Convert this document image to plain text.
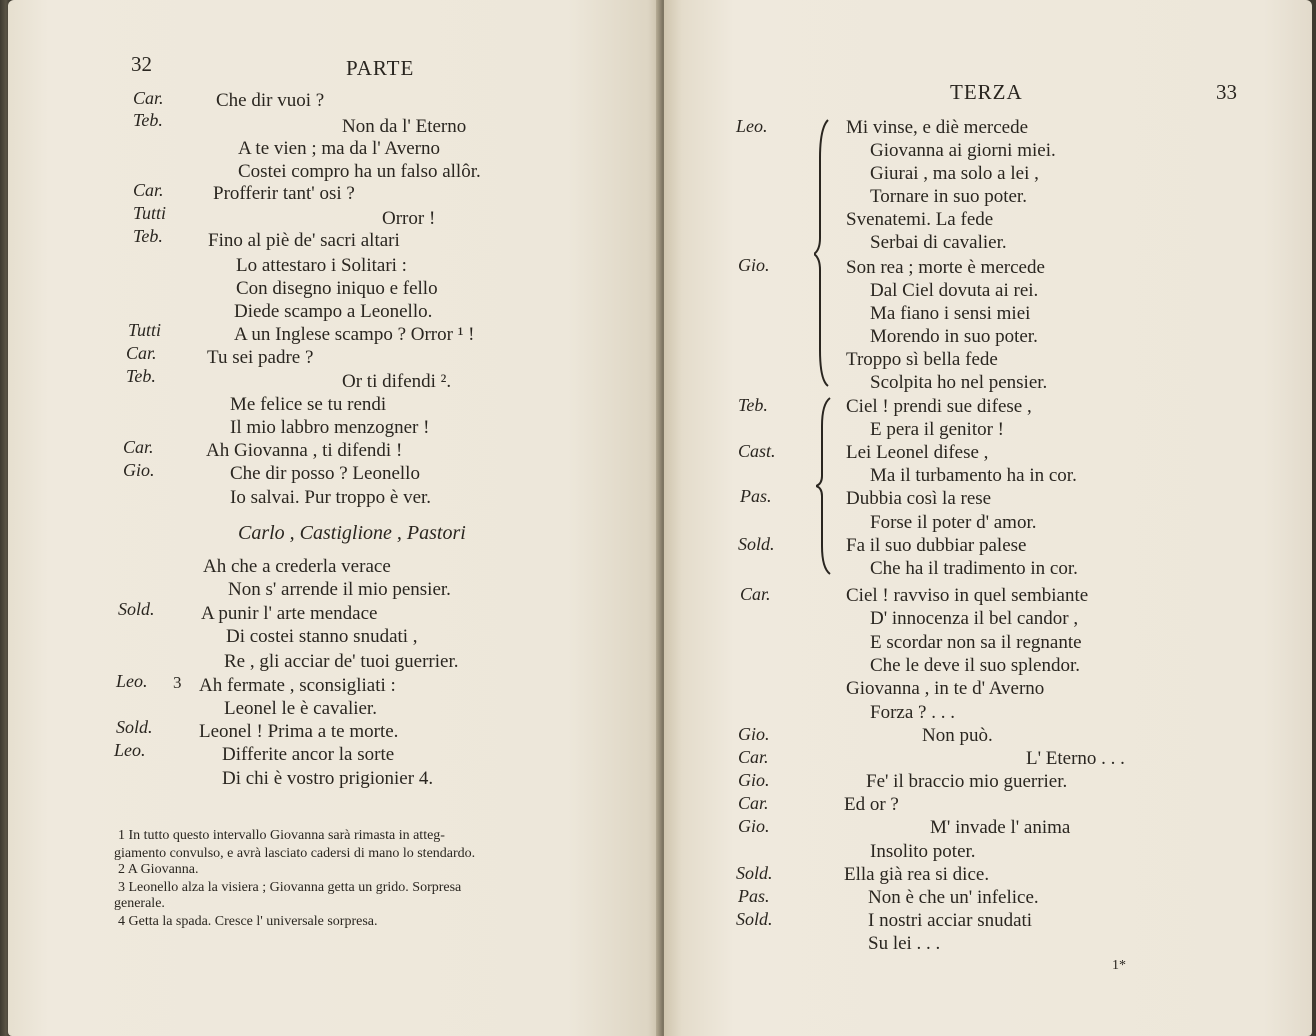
32	PARTE
Car.
Teb.
Car.
Tutti
Teb.
Tutti
Car.
Teb.
Car.
Gio.
Sold.
Leo.
Sold.
Leo.
Che dir vuoi ?
Non da l' Eterno
A te vien ; ma da l' Averno
Costei compro ha un falso allôr.
Profferir tant' osi ?
Orror !
Fino al piè de' sacri altari
Lo attestaro i Solitari :
Con disegno iniquo e fello
Diede scampo a Leonello.
A un Inglese scampo ? Orror ¹ !
Tu sei padre ?
Or ti difendi ².
Me felice se tu rendi
Il mio labbro menzogner !
Ah Giovanna , ti difendi !
Che dir posso ? Leonello
Io salvai. Pur troppo è ver.
Carlo , Castiglione , Pastori
Ah che a crederla verace
Non s' arrende il mio pensier.
A punir l' arte mendace
Di costei stanno snudati ,
Re , gli acciar de' tuoi guerrier.
3 Ah fermate , sconsigliati :
Leonel le è cavalier.
Leonel ! Prima a te morte.
Differite ancor la sorte
Di chi è vostro prigionier 4.
1 In tutto questo intervallo Giovanna sarà rimasta in atteg-
giamento convulso, e avrà lasciato cadersi di mano lo stendardo.
2 A Giovanna.
3 Leonello alza la visiera ; Giovanna getta un grido. Sorpresa
generale.
4 Getta la spada. Cresce l' universale sorpresa.
TERZA	33
Leo.
Gio.
Teb.
Cast.
Pas.
Sold.
Car.
Gio.
Car.
Gio.
Car.
Gio.
Sold.
Pas.
Sold.
Mi vinse, e diè mercede
Giovanna ai giorni miei.
Giurai , ma solo a lei ,
Tornare in suo poter.
Svenatemi. La fede
Serbai di cavalier.
Son rea ; morte è mercede
Dal Ciel dovuta ai rei.
Ma fiano i sensi miei
Morendo in suo poter.
Troppo sì bella fede
Scolpita ho nel pensier.
Ciel ! prendi sue difese ,
E pera il genitor !
Lei Leonel difese ,
Ma il turbamento ha in cor.
Dubbia così la rese
Forse il poter d' amor.
Fa il suo dubbiar palese
Che ha il tradimento in cor.
Ciel ! ravviso in quel sembiante
D' innocenza il bel candor ,
E scordar non sa il regnante
Che le deve il suo splendor.
Giovanna , in te d' Averno
Forza ? . . .
Non può.
L' Eterno . . .
Fe' il braccio mio guerrier.
Ed or ?
M' invade l' anima
Insolito poter.
Ella già rea si dice.
Non è che un' infelice.
I nostri acciar snudati
Su lei . . .
1*
